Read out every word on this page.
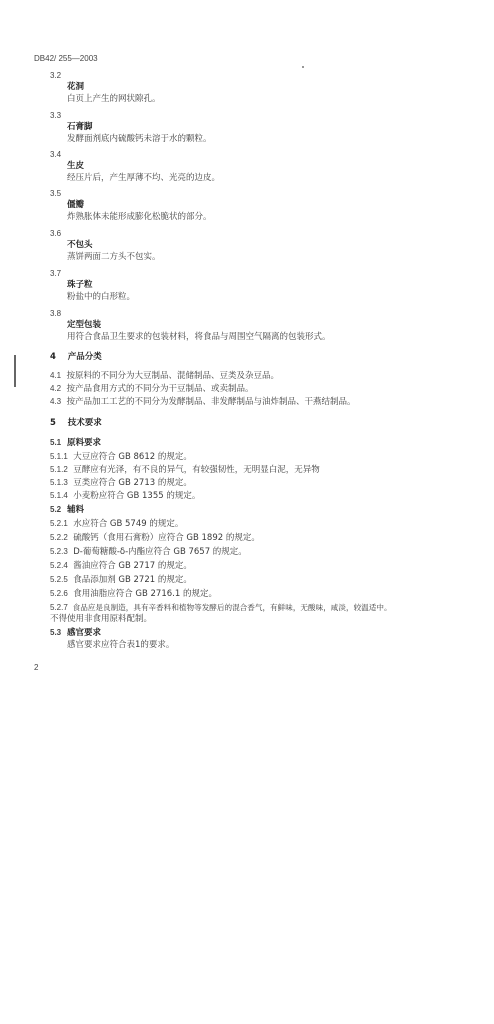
DB42/ 255—2003
3.2
花洞
白页上产生的网状隙孔。
3.3
石膏脚
发酵面剂底内硫酸钙未溶于水的颗粒。
3.4
生皮
经压片后，产生厚薄不均、光亮的边皮。
3.5
僵瓣
炸熟胀体未能形成膨化松脆状的部分。
3.6
不包头
蒸饼两面二方头不包实。
3.7
珠子粒
粉盐中的白形粒。
3.8
定型包装
用符合食品卫生要求的包装材料，将食品与周围空气隔离的包装形式。
4 产品分类
4.1 按原料的不同分为大豆制品、混储制品、豆类及杂豆品。
4.2 按产品食用方式的不同分为干豆制品、或卖制品。
4.3 按产品加工工艺的不同分为发酵制品、非发酵制品与油炸制品、干燕结制品。
5 技术要求
5.1 原料要求
5.1.1 大豆应符合 GB 8612 的规定。
5.1.2 豆酵应有光泽，有不良的异气，有较强韧性，无明显白泥，无异物
5.1.3 豆类应符合 GB 2713 的规定。
5.1.4 小麦粉应符合 GB 1355 的规定。
5.2 辅料
5.2.1 水应符合 GB 5749 的规定。
5.2.2 硫酸钙（食用石膏粉）应符合 GB 1892 的规定。
5.2.3 D-葡萄糖酸-δ-内酯应符合 GB 7657 的规定。
5.2.4 酱油应符合 GB 2717 的规定。
5.2.5 食品添加剂 GB 2721 的规定。
5.2.6 食用油脂应符合 GB 2716.1 的规定。
5.2.7 食品应是良制造，具有辛香料和植物等发酵后的混合香气，有鲜味，无酸味，咸淡，较温适中。
不得使用非食用原料配制。
5.3 感官要求
感官要求应符合表1的要求。
2
